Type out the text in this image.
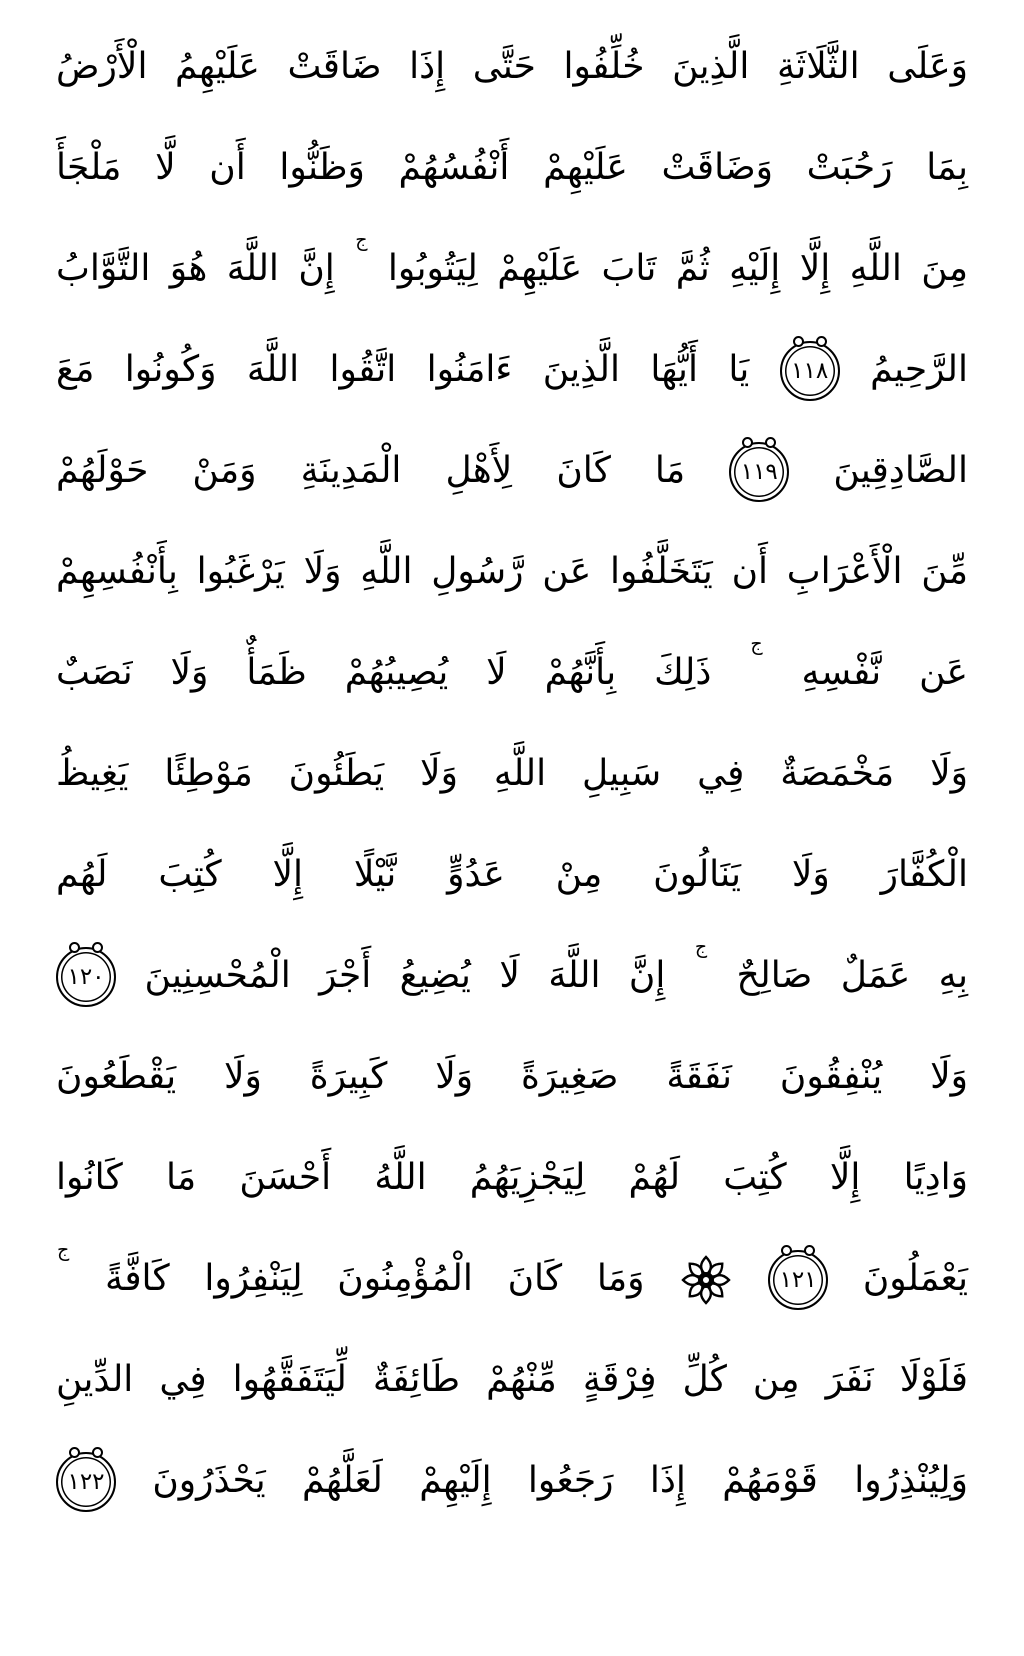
وَعَلَى الثَّلَاثَةِ الَّذِينَ خُلِّفُوا حَتَّى إِذَا ضَاقَتْ عَلَيْهِمُ الْأَرْضُ
بِمَا رَحُبَتْ وَضَاقَتْ عَلَيْهِمْ أَنْفُسُهُمْ وَظَنُّوا أَن لَّا مَلْجَأَ
مِنَ اللَّهِ إِلَّا إِلَيْهِ ثُمَّ تَابَ عَلَيْهِمْ لِيَتُوبُوا ج إِنَّ اللَّهَ هُوَ التَّوَّابُ
الرَّحِيمُ
١١٨
يَا أَيُّهَا الَّذِينَ ءَامَنُوا اتَّقُوا اللَّهَ وَكُونُوا مَعَ
الصَّادِقِينَ
١١٩
مَا كَانَ لِأَهْلِ الْمَدِينَةِ وَمَنْ حَوْلَهُمْ
مِّنَ الْأَعْرَابِ أَن يَتَخَلَّفُوا عَن رَّسُولِ اللَّهِ وَلَا يَرْغَبُوا بِأَنْفُسِهِمْ
عَن نَّفْسِهِ ج ذَلِكَ بِأَنَّهُمْ لَا يُصِيبُهُمْ ظَمَأٌ وَلَا نَصَبٌ
وَلَا مَخْمَصَةٌ فِي سَبِيلِ اللَّهِ وَلَا يَطَئُونَ مَوْطِئًا يَغِيظُ
الْكُفَّارَ وَلَا يَنَالُونَ مِنْ عَدُوٍّ نَّيْلًا إِلَّا كُتِبَ لَهُم
بِهِ عَمَلٌ صَالِحٌ ج إِنَّ اللَّهَ لَا يُضِيعُ أَجْرَ الْمُحْسِنِينَ
١٢٠
وَلَا يُنْفِقُونَ نَفَقَةً صَغِيرَةً وَلَا كَبِيرَةً وَلَا يَقْطَعُونَ
وَادِيًا إِلَّا كُتِبَ لَهُمْ لِيَجْزِيَهُمُ اللَّهُ أَحْسَنَ مَا كَانُوا
يَعْمَلُونَ
١٢١

وَمَا كَانَ الْمُؤْمِنُونَ لِيَنْفِرُوا كَافَّةً ج
فَلَوْلَا نَفَرَ مِن كُلِّ فِرْقَةٍ مِّنْهُمْ طَائِفَةٌ لِّيَتَفَقَّهُوا فِي الدِّينِ
وَلِيُنْذِرُوا قَوْمَهُمْ إِذَا رَجَعُوا إِلَيْهِمْ لَعَلَّهُمْ يَحْذَرُونَ
١٢٢
